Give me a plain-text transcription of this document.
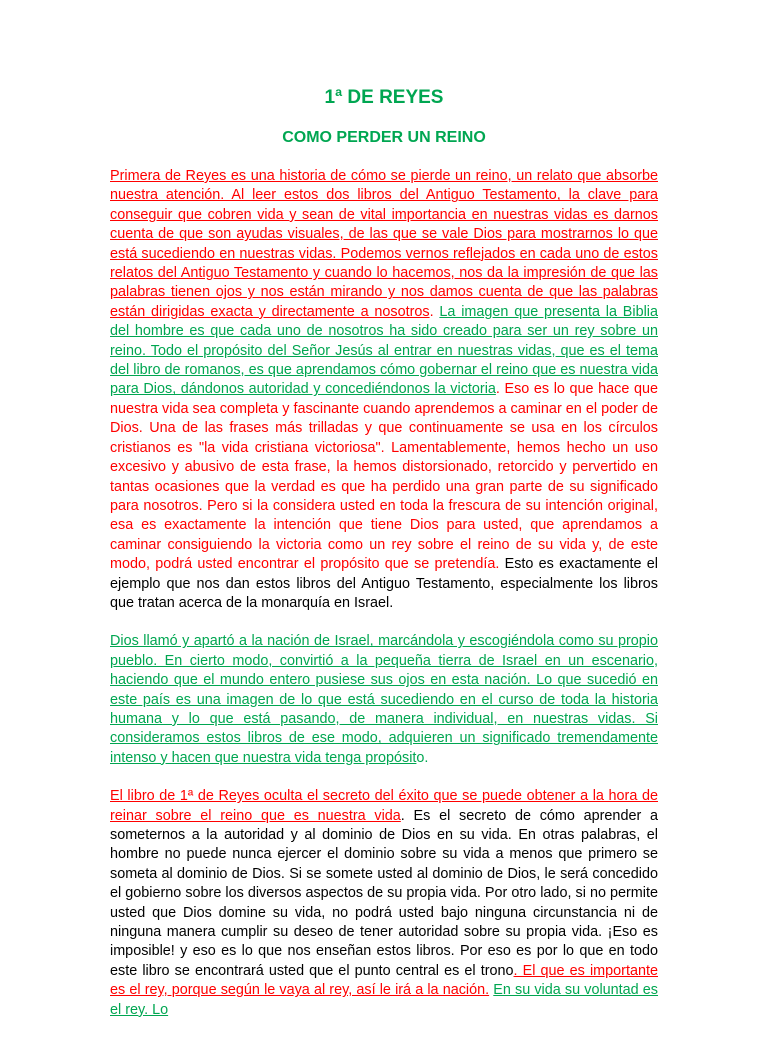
1ª DE REYES
COMO PERDER UN REINO

Primera de Reyes es una historia de cómo se pierde un reino, un relato que absorbe nuestra atención. Al leer estos dos libros del Antiguo Testamento, la clave para conseguir que cobren vida y sean de vital importancia en nuestras vidas es darnos cuenta de que son ayudas visuales, de las que se vale Dios para mostrarnos lo que está sucediendo en nuestras vidas. Podemos vernos reflejados en cada uno de estos relatos del Antiguo Testamento y cuando lo hacemos, nos da la impresión de que las palabras tienen ojos y nos están mirando y nos damos cuenta de que las palabras están dirigidas exacta y directamente a nosotros. La imagen que presenta la Biblia del hombre es que cada uno de nosotros ha sido creado para ser un rey sobre un reino. Todo el propósito del Señor Jesús al entrar en nuestras vidas, que es el tema del libro de romanos, es que aprendamos cómo gobernar el reino que es nuestra vida para Dios, dándonos autoridad y concediéndonos la victoria. Eso es lo que hace que nuestra vida sea completa y fascinante cuando aprendemos a caminar en el poder de Dios. Una de las frases más trilladas y que continuamente se usa en los círculos cristianos es "la vida cristiana victoriosa". Lamentablemente, hemos hecho un uso excesivo y abusivo de esta frase, la hemos distorsionado, retorcido y pervertido en tantas ocasiones que la verdad es que ha perdido una gran parte de su significado para nosotros. Pero si la considera usted en toda la frescura de su intención original, esa es exactamente la intención que tiene Dios para usted, que aprendamos a caminar consiguiendo la victoria como un rey sobre el reino de su vida y, de este modo, podrá usted encontrar el propósito que se pretendía. Esto es exactamente el ejemplo que nos dan estos libros del Antiguo Testamento, especialmente los libros que tratan acerca de la monarquía en Israel.

Dios llamó y apartó a la nación de Israel, marcándola y escogiéndola como su propio pueblo. En cierto modo, convirtió a la pequeña tierra de Israel en un escenario, haciendo que el mundo entero pusiese sus ojos en esta nación. Lo que sucedió en este país es una imagen de lo que está sucediendo en el curso de toda la historia humana y lo que está pasando, de manera individual, en nuestras vidas. Si consideramos estos libros de ese modo, adquieren un significado tremendamente intenso y hacen que nuestra vida tenga propósito.

El libro de 1ª de Reyes oculta el secreto del éxito que se puede obtener a la hora de reinar sobre el reino que es nuestra vida. Es el secreto de cómo aprender a someternos a la autoridad y al dominio de Dios en su vida. En otras palabras, el hombre no puede nunca ejercer el dominio sobre su vida a menos que primero se someta al dominio de Dios. Si se somete usted al dominio de Dios, le será concedido el gobierno sobre los diversos aspectos de su propia vida. Por otro lado, si no permite usted que Dios domine su vida, no podrá usted bajo ninguna circunstancia ni de ninguna manera cumplir su deseo de tener autoridad sobre su propia vida. ¡Eso es imposible! y eso es lo que nos enseñan estos libros. Por eso es por lo que en todo este libro se encontrará usted que el punto central es el trono. El que es importante es el rey, porque según le vaya al rey, así le irá a la nación. En su vida su voluntad es el rey. Lo
